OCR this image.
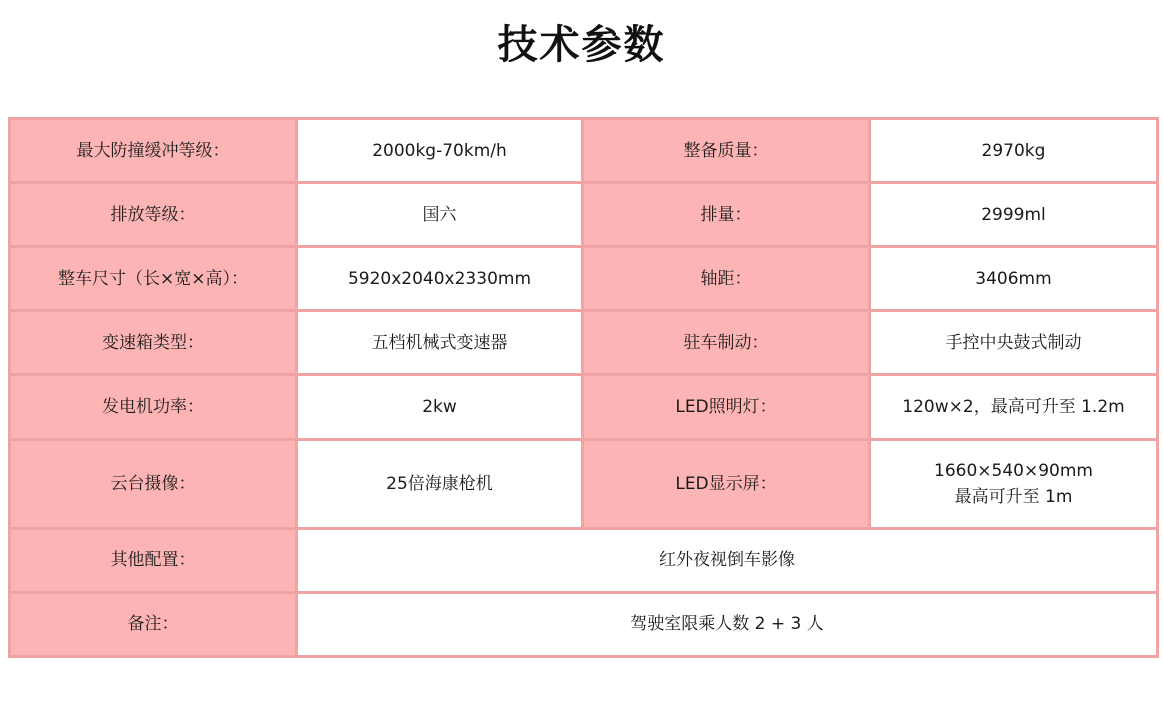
技术参数
最大防撞缓冲等级：	2000kg-70km/h	整备质量：	2970kg
排放等级：	国六	排量：	2999ml
整车尺寸（长×宽×高）：	5920x2040x2330mm	轴距：	3406mm
变速箱类型：	五档机械式变速器	驻车制动：	手控中央鼓式制动
发电机功率：	2kw	LED照明灯：	120w×2，最高可升至 1.2m
云台摄像：	25倍海康枪机	LED显示屏：	1660×540×90mm
最高可升至 1m

其他配置：	红外夜视倒车影像		
备注：	驾驶室限乘人数 2 + 3 人		
